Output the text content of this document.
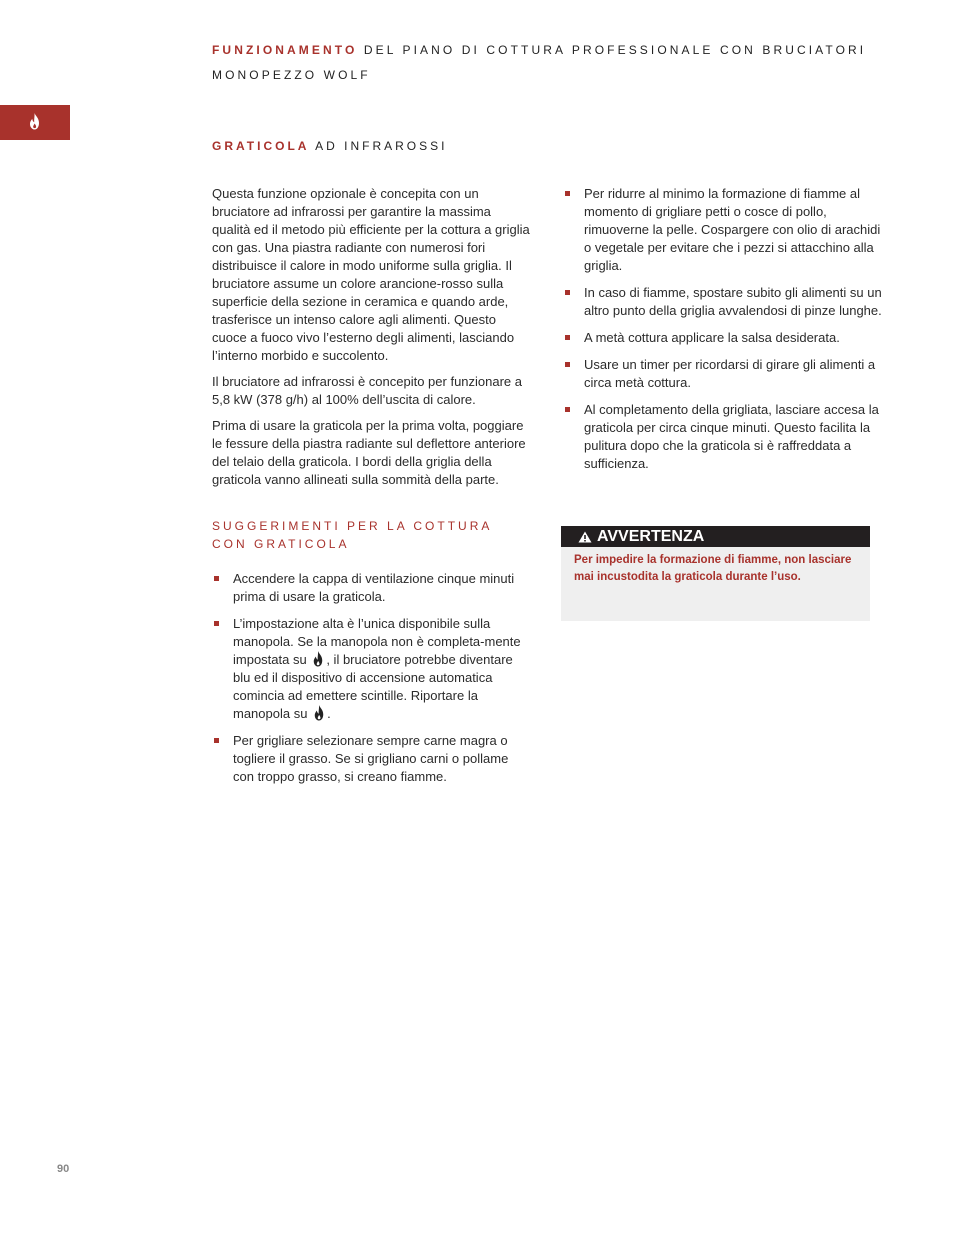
FUNZIONAMENTO DEL PIANO DI COTTURA PROFESSIONALE CON BRUCIATORI MONOPEZZO WOLF
GRATICOLA AD INFRAROSSI

Questa funzione opzionale è concepita con un bruciatore ad infrarossi per garantire la massima qualità ed il metodo più efficiente per la cottura a griglia con gas. Una piastra radiante con numerosi fori distribuisce il calore in modo uniforme sulla griglia. Il bruciatore assume un colore arancione-rosso sulla superficie della sezione in ceramica e quando arde, trasferisce un intenso calore agli alimenti. Questo cuoce a fuoco vivo l’esterno degli alimenti, lasciando l’interno morbido e succolento.

Il bruciatore ad infrarossi è concepito per funzionare a 5,8 kW (378 g/h) al 100% dell’uscita di calore.

Prima di usare la graticola per la prima volta, poggiare le fessure della piastra radiante sul deflettore anteriore del telaio della graticola. I bordi della griglia della graticola vanno allineati sulla sommità della parte.

SUGGERIMENTI PER LA COTTURA CON GRATICOLA
Accendere la cappa di ventilazione cinque minuti prima di usare la graticola.
L’impostazione alta è l’unica disponibile sulla manopola. Se la manopola non è completa-mente impostata su , il bruciatore potrebbe diventare blu ed il dispositivo di accensione automatica comincia ad emettere scintille. Riportare la manopola su .
Per grigliare selezionare sempre carne magra o togliere il grasso. Se si grigliano carni o pollame con troppo grasso, si creano fiamme.
Per ridurre al minimo la formazione di fiamme al momento di grigliare petti o cosce di pollo, rimuoverne la pelle. Cospargere con olio di arachidi o vegetale per evitare che i pezzi si attacchino alla griglia.
In caso di fiamme, spostare subito gli alimenti su un altro punto della griglia avvalendosi di pinze lunghe.
A metà cottura applicare la salsa desiderata.
Usare un timer per ricordarsi di girare gli alimenti a circa metà cottura.
Al completamento della grigliata, lasciare accesa la graticola per circa cinque minuti. Questo facilita la pulitura dopo che la graticola si è raffreddata a sufficienza.
AVVERTENZA
Per impedire la formazione di fiamme, non lasciare mai incustodita la graticola durante l’uso.
90
